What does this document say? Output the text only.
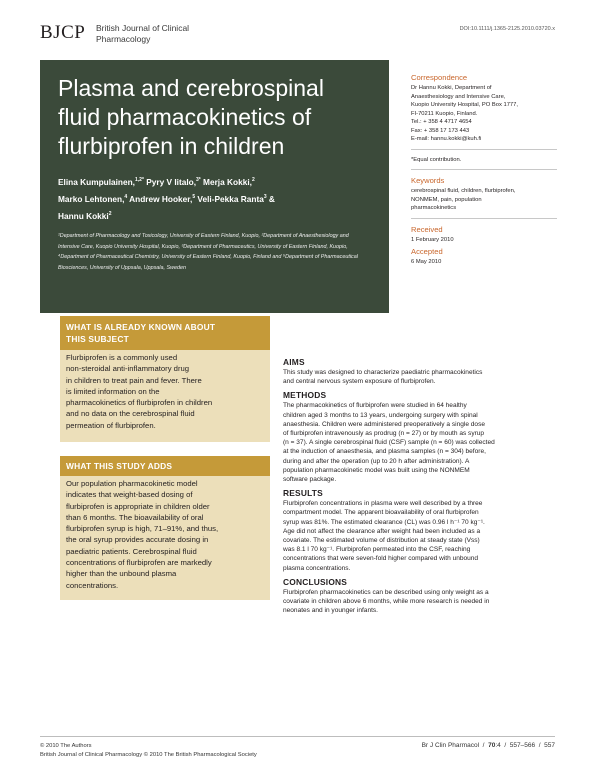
BJCP British Journal of Clinical
Pharmacology
DOI:10.1111/j.1365-2125.2010.03720.x
Plasma and cerebrospinal fluid pharmacokinetics of flurbiprofen in children
Elina Kumpulainen,$^{1,2*}$ Pyry V Iitalo,$^{3*}$ Merja Kokki,$^2$
Marko Lehtonen,$^4$ Andrew Hooker,$^5$ Veli-Pekka Ranta$^3$ &
Hannu Kokki$^2$

¹Department of Pharmacology and Toxicology, University of Eastern Finland, Kuopio, ²Department of Anaesthesiology and Intensive Care, Kuopio University Hospital, Kuopio, ³Department of Pharmaceutics, University of Eastern Finland, Kuopio, ⁴Department of Pharmaceutical Chemistry, University of Eastern Finland, Kuopio, Finland and ⁵Department of Pharmaceutical Biosciences, University of Uppsala, Uppsala, Sweden

Correspondence
Dr Hannu Kokki, Department of
Anaesthesiology and Intensive Care,
Kuopio University Hospital, PO Box 1777,
FI-70211 Kuopio, Finland.
Tel.: + 358 4 4717 4654
Fax: + 358 17 173 443
E-mail: hannu.kokki@kuh.fi
*Equal contribution.
Keywords
cerebrospinal fluid, children, flurbiprofen,
NONMEM, pain, population
pharmacokinetics
Received
1 February 2010
Accepted
6 May 2010
WHAT IS ALREADY KNOWN ABOUT
THIS SUBJECT
Flurbiprofen is a commonly used
non-steroidal anti-inflammatory drug
in children to treat pain and fever. There
is limited information on the
pharmacokinetics of flurbiprofen in children
and no data on the cerebrospinal fluid
permeation of flurbiprofen.
WHAT THIS STUDY ADDS
Our population pharmacokinetic model
indicates that weight-based dosing of
flurbiprofen is appropriate in children older
than 6 months. The bioavailability of oral
flurbiprofen syrup is high, 71–91%, and thus,
the oral syrup provides accurate dosing in
paediatric patients. Cerebrospinal fluid
concentrations of flurbiprofen are markedly
higher than the unbound plasma
concentrations.
AIMS
This study was designed to characterize paediatric pharmacokinetics
and central nervous system exposure of flurbiprofen.
METHODS
The pharmacokinetics of flurbiprofen were studied in 64 healthy
children aged 3 months to 13 years, undergoing surgery with spinal
anaesthesia. Children were administered preoperatively a single dose
of flurbiprofen intravenously as prodrug (n = 27) or by mouth as syrup
(n = 37). A single cerebrospinal fluid (CSF) sample (n = 60) was collected
at the induction of anaesthesia, and plasma samples (n = 304) before,
during and after the operation (up to 20 h after administration). A
population pharmacokinetic model was built using the NONMEM
software package.
RESULTS
Flurbiprofen concentrations in plasma were well described by a three
compartment model. The apparent bioavailability of oral flurbiprofen
syrup was 81%. The estimated clearance (CL) was 0.96 l h⁻¹ 70 kg⁻¹.
Age did not affect the clearance after weight had been included as a
covariate. The estimated volume of distribution at steady state (Vss)
was 8.1 l 70 kg⁻¹. Flurbiprofen permeated into the CSF, reaching
concentrations that were seven-fold higher compared with unbound
plasma concentrations.
CONCLUSIONS
Flurbiprofen pharmacokinetics can be described using only weight as a
covariate in children above 6 months, while more research is needed in
neonates and in younger infants.
© 2010 The Authors
British Journal of Clinical Pharmacology © 2010 The British Pharmacological Society
Br J Clin Pharmacol  /  70:4  /  557–566  /  557
